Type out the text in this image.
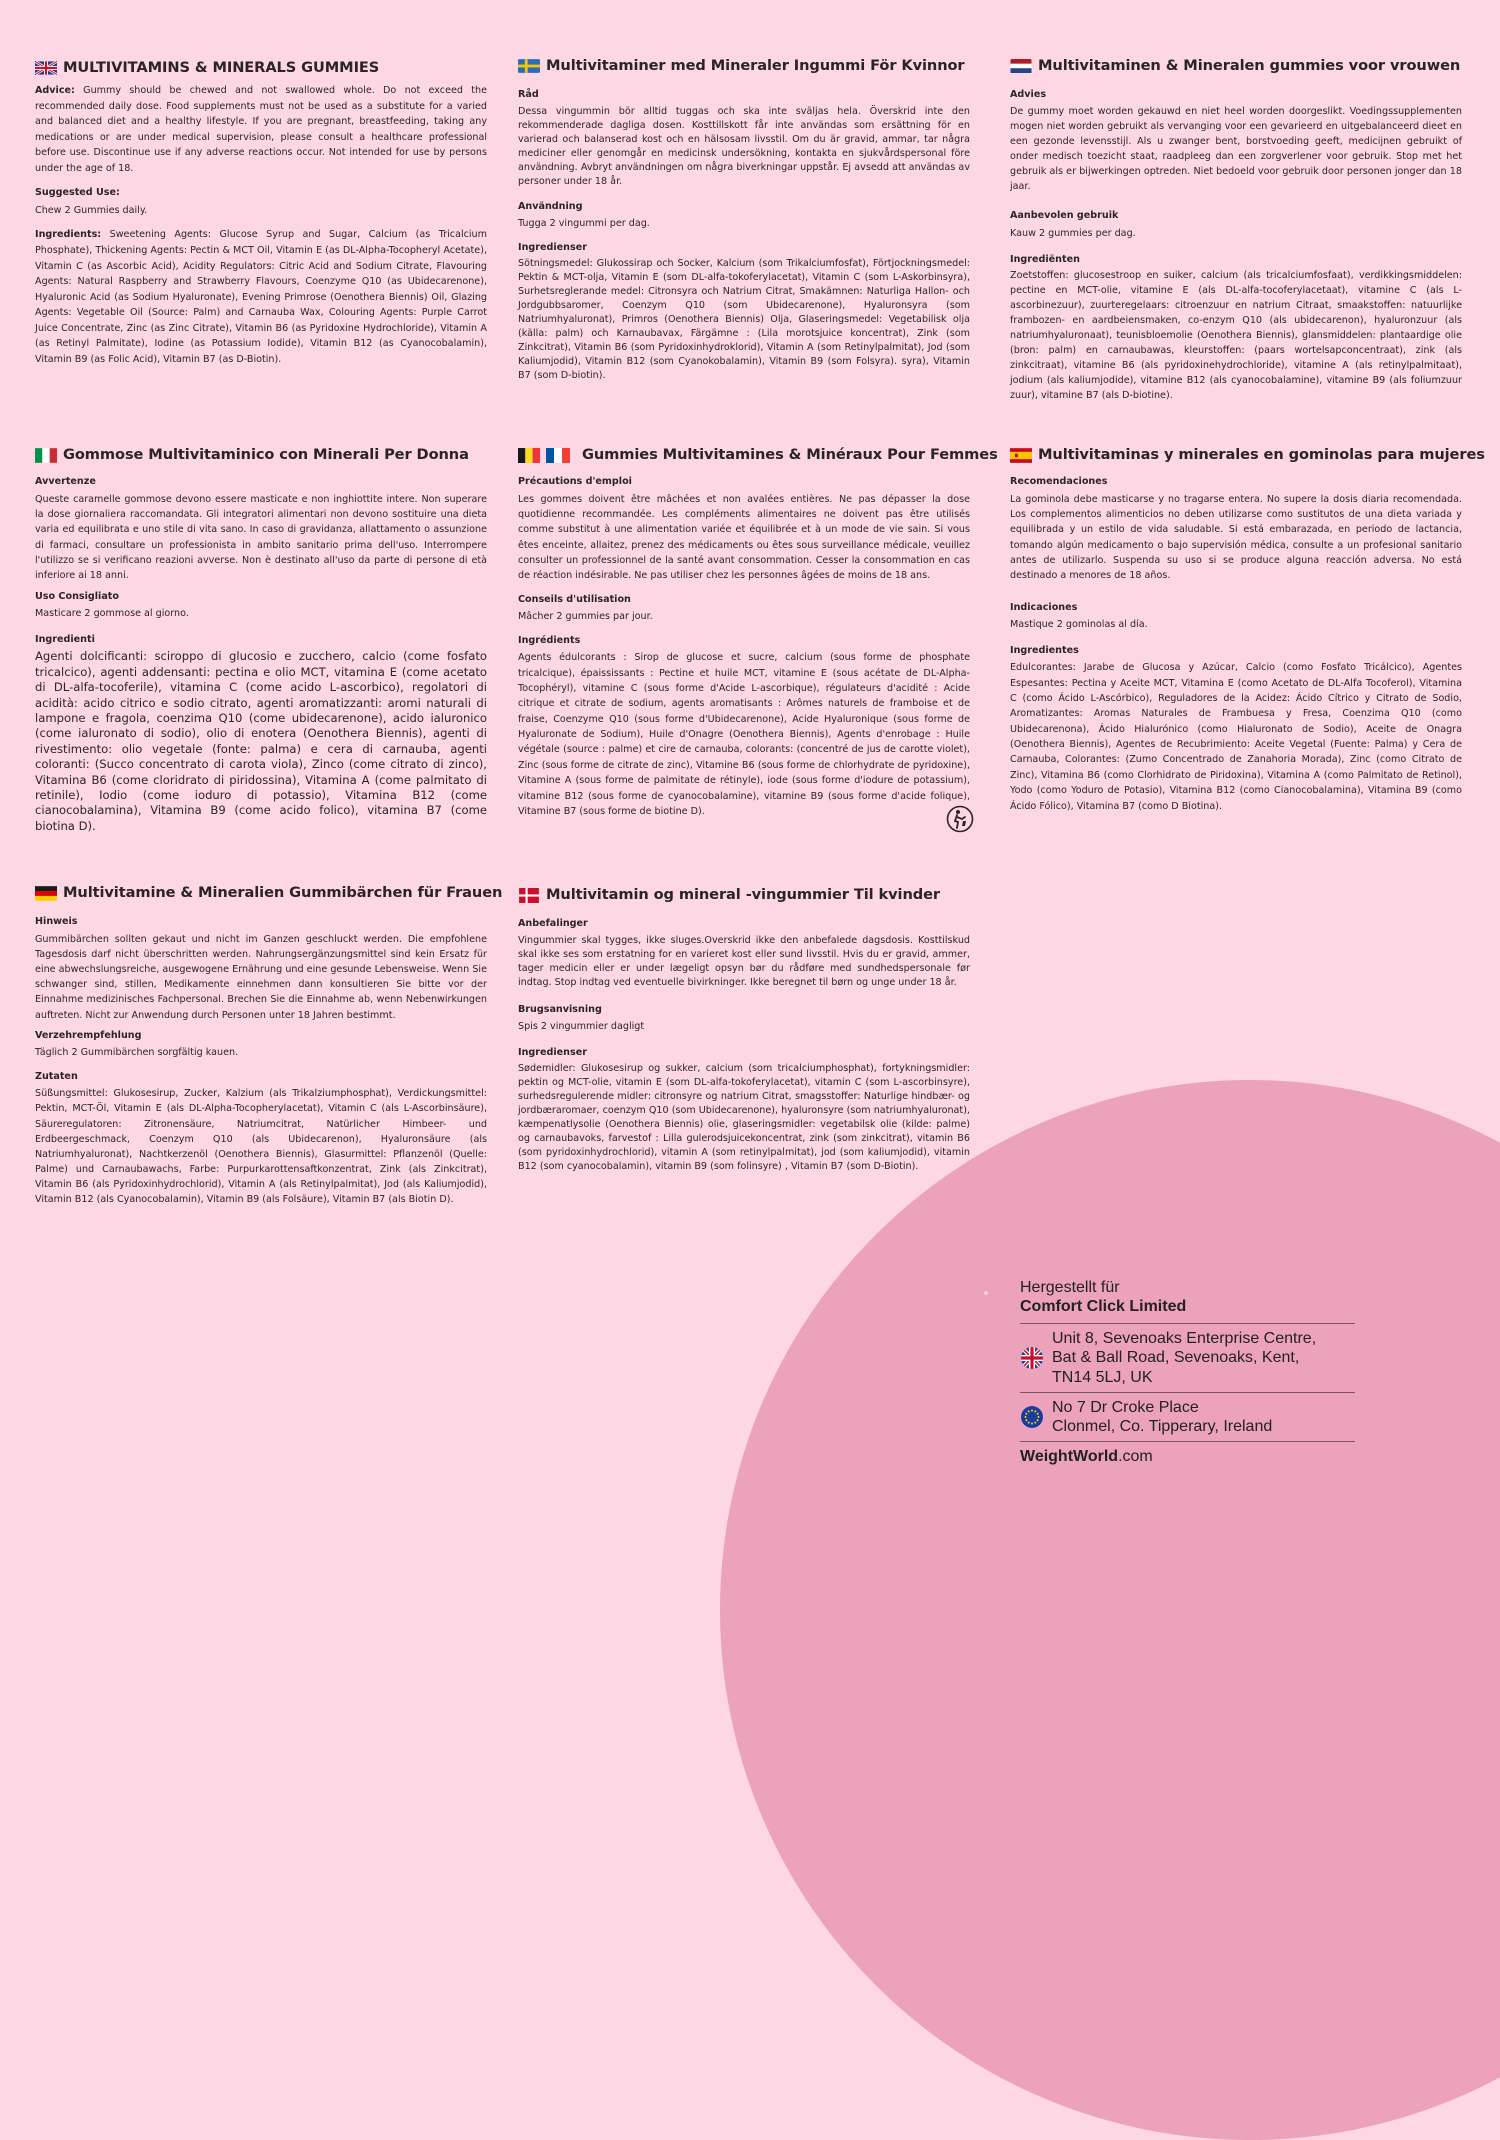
MULTIVITAMINS & MINERALS GUMMIES

Advice: Gummy should be chewed and not swallowed whole. Do not exceed the recommended daily dose. Food supplements must not be used as a substitute for a varied and balanced diet and a healthy lifestyle. If you are pregnant, breastfeeding, taking any medications or are under medical supervision, please consult a healthcare professional before use. Discontinue use if any adverse reactions occur. Not intended for use by persons under the age of 18.

Suggested Use:

Chew 2 Gummies daily.

Ingredients: Sweetening Agents: Glucose Syrup and Sugar, Calcium (as Tricalcium Phosphate), Thickening Agents: Pectin & MCT Oil, Vitamin E (as DL-Alpha-Tocopheryl Acetate), Vitamin C (as Ascorbic Acid), Acidity Regulators: Citric Acid and Sodium Citrate, Flavouring Agents: Natural Raspberry and Strawberry Flavours, Coenzyme Q10 (as Ubidecarenone), Hyaluronic Acid (as Sodium Hyaluronate), Evening Primrose (Oenothera Biennis) Oil, Glazing Agents: Vegetable Oil (Source: Palm) and Carnauba Wax, Colouring Agents: Purple Carrot Juice Concentrate, Zinc (as Zinc Citrate), Vitamin B6 (as Pyridoxine Hydrochloride), Vitamin A (as Retinyl Palmitate), Iodine (as Potassium Iodide), Vitamin B12 (as Cyanocobalamin), Vitamin B9 (as Folic Acid), Vitamin B7 (as D-Biotin).

Multivitaminer med Mineraler Ingummi För Kvinnor
Råd

Dessa vingummin bör alltid tuggas och ska inte sväljas hela. Överskrid inte den rekommenderade dagliga dosen. Kosttillskott får inte användas som ersättning för en varierad och balanserad kost och en hälsosam livsstil. Om du är gravid, ammar, tar några mediciner eller genomgår en medicinsk undersökning, kontakta en sjukvårdspersonal före användning. Avbryt användningen om några biverkningar uppstår. Ej avsedd att användas av personer under 18 år.

Användning

Tugga 2 vingummi per dag.

Ingredienser

Sötningsmedel: Glukossirap och Socker, Kalcium (som Trikalciumfosfat), Förtjockningsmedel: Pektin & MCT-olja, Vitamin E (som DL-alfa-tokoferylacetat), Vitamin C (som L-Askorbinsyra), Surhetsreglerande medel: Citronsyra och Natrium Citrat, Smakämnen: Naturliga Hallon- och Jordgubbsaromer, Coenzym Q10 (som Ubidecarenone), Hyaluronsyra (som Natriumhyaluronat), Primros (Oenothera Biennis) Olja, Glaseringsmedel: Vegetabilisk olja (källa: palm) och Karnaubavax, Färgämne : (Lila morotsjuice koncentrat), Zink (som Zinkcitrat), Vitamin B6 (som Pyridoxinhydroklorid), Vitamin A (som Retinylpalmitat), Jod (som Kaliumjodid), Vitamin B12 (som Cyanokobalamin), Vitamin B9 (som Folsyra). syra), Vitamin B7 (som D-biotin).

Multivitaminen & Mineralen gummies voor vrouwen
Advies

De gummy moet worden gekauwd en niet heel worden doorgeslikt. Voedingssupplementen mogen niet worden gebruikt als vervanging voor een gevarieerd en uitgebalanceerd dieet en een gezonde levensstijl. Als u zwanger bent, borstvoeding geeft, medicijnen gebruikt of onder medisch toezicht staat, raadpleeg dan een zorgverlener voor gebruik. Stop met het gebruik als er bijwerkingen optreden. Niet bedoeld voor gebruik door personen jonger dan 18 jaar.

Aanbevolen gebruik

Kauw 2 gummies per dag.

Ingrediënten

Zoetstoffen: glucosestroop en suiker, calcium (als tricalciumfosfaat), verdikkingsmiddelen: pectine en MCT-olie, vitamine E (als DL-alfa-tocoferylacetaat), vitamine C (als L-ascorbinezuur), zuurteregelaars: citroenzuur en natrium Citraat, smaakstoffen: natuurlijke frambozen- en aardbeiensmaken, co-enzym Q10 (als ubidecarenon), hyaluronzuur (als natriumhyaluronaat), teunisbloemolie (Oenothera Biennis), glansmiddelen: plantaardige olie (bron: palm) en carnaubawas, kleurstoffen: (paars wortelsapconcentraat), zink (als zinkcitraat), vitamine B6 (als pyridoxinehydrochloride), vitamine A (als retinylpalmitaat), jodium (als kaliumjodide), vitamine B12 (als cyanocobalamine), vitamine B9 (als foliumzuur zuur), vitamine B7 (als D-biotine).

Gommose Multivitaminico con Minerali Per Donna
Avvertenze

Queste caramelle gommose devono essere masticate e non inghiottite intere. Non superare la dose giornaliera raccomandata. Gli integratori alimentari non devono sostituire una dieta varia ed equilibrata e uno stile di vita sano. In caso di gravidanza, allattamento o assunzione di farmaci, consultare un professionista in ambito sanitario prima dell'uso. Interrompere l'utilizzo se si verificano reazioni avverse. Non è destinato all'uso da parte di persone di età inferiore ai 18 anni.

Uso Consigliato

Masticare 2 gommose al giorno.

Ingredienti

Agenti dolcificanti: sciroppo di glucosio e zucchero, calcio (come fosfato tricalcico), agenti addensanti: pectina e olio MCT, vitamina E (come acetato di DL-alfa-tocoferile), vitamina C (come acido L-ascorbico), regolatori di acidità: acido citrico e sodio citrato, agenti aromatizzanti: aromi naturali di lampone e fragola, coenzima Q10 (come ubidecarenone), acido ialuronico (come ialuronato di sodio), olio di enotera (Oenothera Biennis), agenti di rivestimento: olio vegetale (fonte: palma) e cera di carnauba, agenti coloranti: (Succo concentrato di carota viola), Zinco (come citrato di zinco), Vitamina B6 (come cloridrato di piridossina), Vitamina A (come palmitato di retinile), Iodio (come ioduro di potassio), Vitamina B12 (come cianocobalamina), Vitamina B9 (come acido folico), vitamina B7 (come biotina D).

Gummies Multivitamines & Minéraux Pour Femmes
Précautions d'emploi

Les gommes doivent être mâchées et non avalées entières. Ne pas dépasser la dose quotidienne recommandée. Les compléments alimentaires ne doivent pas être utilisés comme substitut à une alimentation variée et équilibrée et à un mode de vie sain. Si vous êtes enceinte, allaitez, prenez des médicaments ou êtes sous surveillance médicale, veuillez consulter un professionnel de la santé avant consommation. Cesser la consommation en cas de réaction indésirable. Ne pas utiliser chez les personnes âgées de moins de 18 ans.

Conseils d'utilisation

Mâcher 2 gummies par jour.

Ingrédients

Agents édulcorants : Sirop de glucose et sucre, calcium (sous forme de phosphate tricalcique), épaississants : Pectine et huile MCT, vitamine E (sous acétate de DL-Alpha-Tocophéryl), vitamine C (sous forme d'Acide L-ascorbique), régulateurs d'acidité : Acide citrique et citrate de sodium, agents aromatisants : Arômes naturels de framboise et de fraise, Coenzyme Q10 (sous forme d'Ubidecarenone), Acide Hyaluronique (sous forme de Hyaluronate de Sodium), Huile d'Onagre (Oenothera Biennis), Agents d'enrobage : Huile végétale (source : palme) et cire de carnauba, colorants: (concentré de jus de carotte violet), Zinc (sous forme de citrate de zinc), Vitamine B6 (sous forme de chlorhydrate de pyridoxine), Vitamine A (sous forme de palmitate de rétinyle), iode (sous forme d'iodure de potassium), vitamine B12 (sous forme de cyanocobalamine), vitamine B9 (sous forme d'acide folique), Vitamine B7 (sous forme de biotine D).

Multivitaminas y minerales en gominolas para mujeres
Recomendaciones

La gominola debe masticarse y no tragarse entera. No supere la dosis diaria recomendada. Los complementos alimenticios no deben utilizarse como sustitutos de una dieta variada y equilibrada y un estilo de vida saludable. Si está embarazada, en periodo de lactancia, tomando algún medicamento o bajo supervisión médica, consulte a un profesional sanitario antes de utilizarlo. Suspenda su uso si se produce alguna reacción adversa. No está destinado a menores de 18 años.

Indicaciones

Mastique 2 gominolas al día.

Ingredientes

Edulcorantes: Jarabe de Glucosa y Azúcar, Calcio (como Fosfato Tricálcico), Agentes Espesantes: Pectina y Aceite MCT, Vitamina E (como Acetato de DL-Alfa Tocoferol), Vitamina C (como Ácido L-Ascórbico), Reguladores de la Acidez: Ácido Cítrico y Citrato de Sodio, Aromatizantes: Aromas Naturales de Frambuesa y Fresa, Coenzima Q10 (como Ubidecarenona), Ácido Hialurónico (como Hialuronato de Sodio), Aceite de Onagra (Oenothera Biennis), Agentes de Recubrimiento: Aceite Vegetal (Fuente: Palma) y Cera de Carnauba, Colorantes: (Zumo Concentrado de Zanahoria Morada), Zinc (como Citrato de Zinc), Vitamina B6 (como Clorhidrato de Piridoxina), Vitamina A (como Palmitato de Retinol), Yodo (como Yoduro de Potasio), Vitamina B12 (como Cianocobalamina), Vitamina B9 (como Ácido Fólico), Vitamina B7 (como D Biotina).

Multivitamine & Mineralien Gummibärchen für Frauen
Hinweis

Gummibärchen sollten gekaut und nicht im Ganzen geschluckt werden. Die empfohlene Tagesdosis darf nicht überschritten werden. Nahrungsergänzungsmittel sind kein Ersatz für eine abwechslungsreiche, ausgewogene Ernährung und eine gesunde Lebensweise. Wenn Sie schwanger sind, stillen, Medikamente einnehmen dann konsultieren Sie bitte vor der Einnahme medizinisches Fachpersonal. Brechen Sie die Einnahme ab, wenn Nebenwirkungen auftreten. Nicht zur Anwendung durch Personen unter 18 Jahren bestimmt.

Verzehrempfehlung

Täglich 2 Gummibärchen sorgfältig kauen.

Zutaten

Süßungsmittel: Glukosesirup, Zucker, Kalzium (als Trikalziumphosphat), Verdickungsmittel: Pektin, MCT-Öl, Vitamin E (als DL-Alpha-Tocopherylacetat), Vitamin C (als L-Ascorbinsäure), Säureregulatoren: Zitronensäure, Natriumcitrat, Natürlicher Himbeer- und Erdbeergeschmack, Coenzym Q10 (als Ubidecarenon), Hyaluronsäure (als Natriumhyaluronat), Nachtkerzenöl (Oenothera Biennis), Glasurmittel: Pflanzenöl (Quelle: Palme) und Carnaubawachs, Farbe: Purpurkarottensaftkonzentrat, Zink (als Zinkcitrat), Vitamin B6 (als Pyridoxinhydrochlorid), Vitamin A (als Retinylpalmitat), Jod (als Kaliumjodid), Vitamin B12 (als Cyanocobalamin), Vitamin B9 (als Folsäure), Vitamin B7 (als Biotin D).

Multivitamin og mineral -vingummier Til kvinder
Anbefalinger

Vingummier skal tygges, ikke sluges.Overskrid ikke den anbefalede dagsdosis. Kosttilskud skal ikke ses som erstatning for en varieret kost eller sund livsstil. Hvis du er gravid, ammer, tager medicin eller er under lægeligt opsyn bør du rådføre med sundhedspersonale før indtag. Stop indtag ved eventuelle bivirkninger. Ikke beregnet til børn og unge under 18 år.

Brugsanvisning

Spis 2 vingummier dagligt

Ingredienser

Sødemidler: Glukosesirup og sukker, calcium (som tricalciumphosphat), fortykningsmidler: pektin og MCT-olie, vitamin E (som DL-alfa-tokoferylacetat), vitamin C (som L-ascorbinsyre), surhedsregulerende midler: citronsyre og natrium Citrat, smagsstoffer: Naturlige hindbær- og jordbæraromaer, coenzym Q10 (som Ubidecarenone), hyaluronsyre (som natriumhyaluronat), kæmpenatlysolie (Oenothera Biennis) olie, glaseringsmidler: vegetabilsk olie (kilde: palme) og carnaubavoks, farvestof : Lilla gulerodsjuicekoncentrat, zink (som zinkcitrat), vitamin B6 (som pyridoxinhydrochlorid), vitamin A (som retinylpalmitat), jod (som kaliumjodid), vitamin B12 (som cyanocobalamin), vitamin B9 (som folinsyre) , Vitamin B7 (som D-Biotin).

Hergestellt für
Comfort Click Limited
Unit 8, Sevenoaks Enterprise Centre,
Bat & Ball Road, Sevenoaks, Kent,
TN14 5LJ, UK
No 7 Dr Croke Place
Clonmel, Co. Tipperary, Ireland
WeightWorld.com
